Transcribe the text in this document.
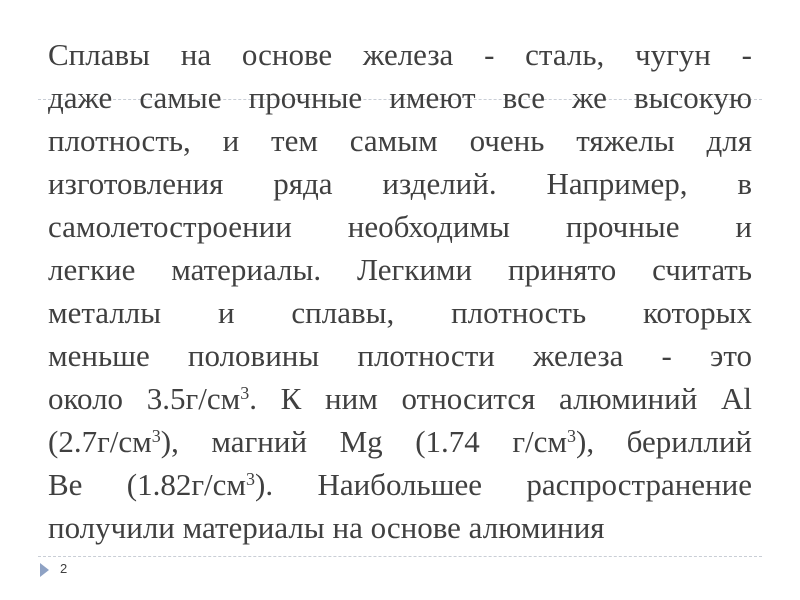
Сплавы на основе железа - сталь, чугун -
даже самые прочные имеют все же высокую
плотность, и тем самым очень тяжелы для
изготовления ряда изделий. Например, в
самолетостроении необходимы прочные и
легкие материалы. Легкими принято считать
металлы и сплавы, плотность которых
меньше половины плотности железа - это
около $3.5г/см^3$. К ним относится алюминий Al
$(2.7г/см^3)$, магний Mg (1.74 $г/см^3$), бериллий
Be $(1.82г/см^3)$. Наибольшее распространение
получили материалы на основе алюминия
2
